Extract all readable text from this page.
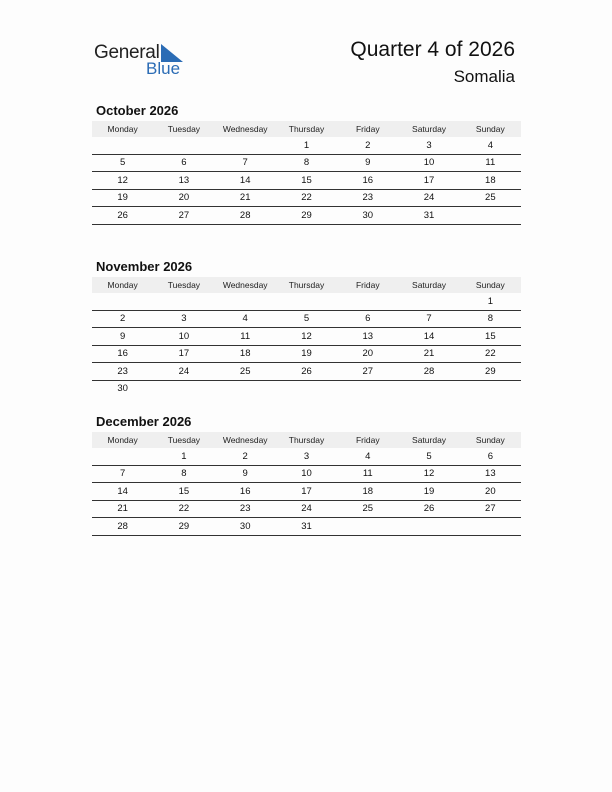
General
Blue
Quarter 4 of 2026
Somalia
October 2026
Monday	Tuesday	Wednesday	Thursday	Friday	Saturday	Sunday
			1	2	3	4
5	6	7	8	9	10	11
12	13	14	15	16	17	18
19	20	21	22	23	24	25
26	27	28	29	30	31	
November 2026
Monday	Tuesday	Wednesday	Thursday	Friday	Saturday	Sunday
						1
2	3	4	5	6	7	8
9	10	11	12	13	14	15
16	17	18	19	20	21	22
23	24	25	26	27	28	29
30						
December 2026
Monday	Tuesday	Wednesday	Thursday	Friday	Saturday	Sunday
	1	2	3	4	5	6
7	8	9	10	11	12	13
14	15	16	17	18	19	20
21	22	23	24	25	26	27
28	29	30	31			
